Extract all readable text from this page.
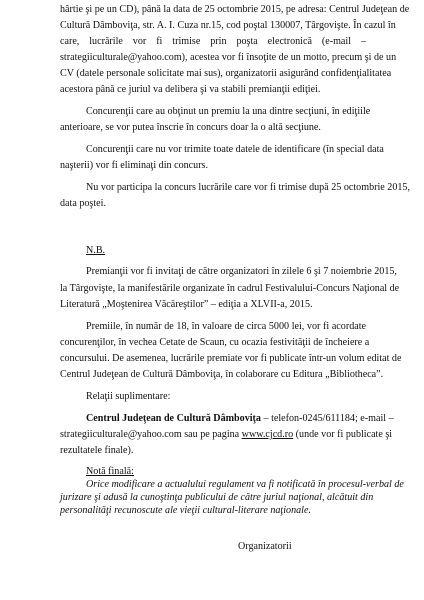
hârtie şi pe un CD), până la data de 25 octombrie 2015, pe adresa: Centrul Judeţean de
Cultură Dâmboviţa, str. A. I. Cuza nr.15, cod poştal 130007, Târgovişte. În cazul în
care, lucrările vor fi trimise prin poşta electronică (e-mail –
strategiiculturale@yahoo.com), acestea vor fi însoţite de un motto, precum şi de un
CV (datele personale solicitate mai sus), organizatorii asigurând confidenţialitatea
acestora până ce juriul va delibera şi va stabili premianţii ediţiei.
Concurenţii care au obţinut un premiu la una dintre secţiuni, în ediţiile
anterioare, se vor putea înscrie în concurs doar la o altă secţiune.
Concurenţii care nu vor trimite toate datele de identificare (în special data
naşterii) vor fi eliminaţi din concurs.
Nu vor participa la concurs lucrările care vor fi trimise după 25 octombrie 2015,
data poştei.
N.B.
Premianţii vor fi invitaţi de către organizatori în zilele 6 şi 7 noiembrie 2015,
la Târgovişte, la manifestările organizate în cadrul Festivalului-Concurs Naţional de
Literatură „Moştenirea Văcăreştilor” – ediţia a XLVII-a, 2015.
Premiile, în număr de 18, în valoare de circa 5000 lei, vor fi acordate
concurenţilor, în vechea Cetate de Scaun, cu ocazia festivităţii de încheiere a
concursului. De asemenea, lucrările premiate vor fi publicate într-un volum editat de
Centrul Judeţean de Cultură Dâmboviţa, în colaborare cu Editura „Bibliotheca”.
Relaţii suplimentare:
Centrul Judeţean de Cultură Dâmboviţa – telefon-0245/611184; e-mail –
strategiiculturale@yahoo.com sau pe pagina www.cjcd.ro (unde vor fi publicate şi
rezultatele finale).
Notă finală:
Orice modificare a actualului regulament va fi notificată în procesul-verbal de
jurizare şi adusă la cunoştinţa publicului de către juriul naţional, alcătuit din
personalităţi recunoscute ale vieţii cultural-literare naţionale.
Organizatorii
